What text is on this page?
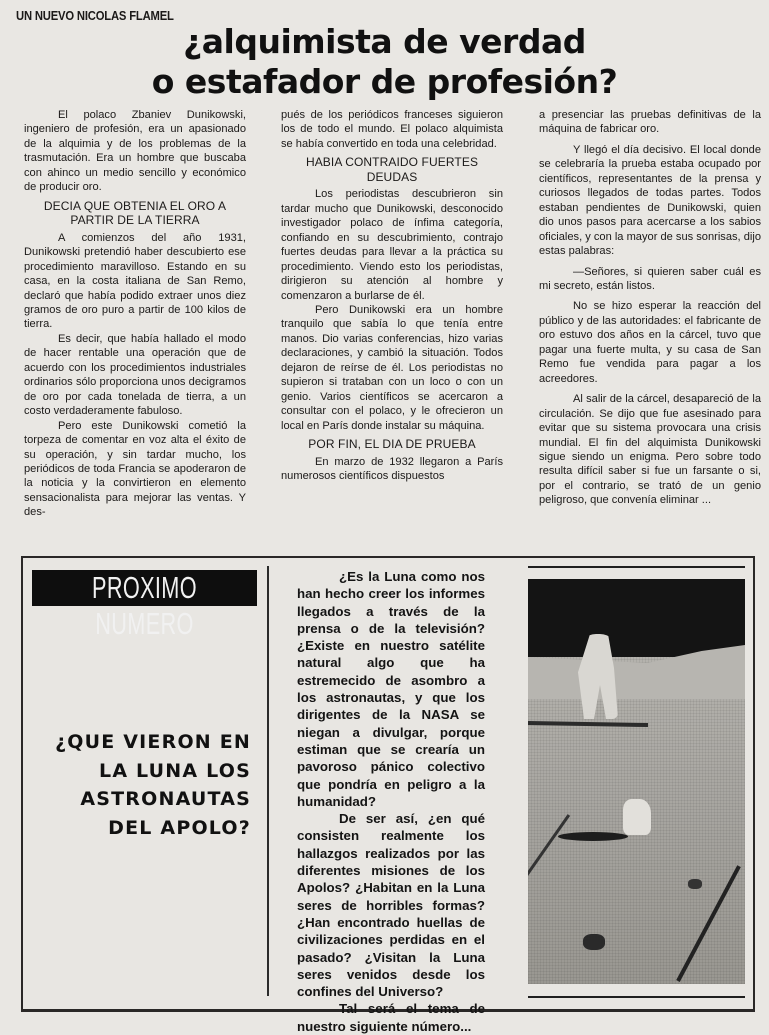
UN NUEVO NICOLAS FLAMEL
¿alquimista de verdad
o estafador de profesión?

El polaco Zbaniev Dunikowski, ingeniero de profesión, era un apasionado de la alquimia y de los problemas de la trasmutación. Era un hombre que buscaba con ahinco un medio sencillo y económico de producir oro.

DECIA QUE OBTENIA EL ORO A PARTIR DE LA TIERRA

A comienzos del año 1931, Dunikowski pretendió haber descubierto ese procedimiento maravilloso. Estando en su casa, en la costa italiana de San Remo, declaró que había podido extraer unos diez gramos de oro puro a partir de 100 kilos de tierra.

Es decir, que había hallado el modo de hacer rentable una operación que de acuerdo con los procedimientos industriales ordinarios sólo proporciona unos decigramos de oro por cada tonelada de tierra, a un costo verdaderamente fabuloso.

Pero este Dunikowski cometió la torpeza de comentar en voz alta el éxito de su operación, y sin tardar mucho, los periódicos de toda Francia se apoderaron de la noticia y la convirtieron en elemento sensacionalista para mejorar las ventas. Y des-

pués de los periódicos franceses siguieron los de todo el mundo. El polaco alquimista se había convertido en toda una celebridad.

HABIA CONTRAIDO FUERTES DEUDAS

Los periodistas descubrieron sin tardar mucho que Dunikowski, desconocido investigador polaco de ínfima categoría, confiando en su descubrimiento, contrajo fuertes deudas para llevar a la práctica su procedimiento. Viendo esto los periodistas, dirigieron su atención al hombre y comenzaron a burlarse de él.

Pero Dunikowski era un hombre tranquilo que sabía lo que tenía entre manos. Dio varias conferencias, hizo varias declaraciones, y cambió la situación. Todos dejaron de reírse de él. Los periodistas no supieron si trataban con un loco o con un genio. Varios científicos se acercaron a consultar con el polaco, y le ofrecieron un local en París donde instalar su máquina.

POR FIN, EL DIA DE PRUEBA

En marzo de 1932 llegaron a París numerosos científicos dispuestos

a presenciar las pruebas definitivas de la máquina de fabricar oro.

Y llegó el día decisivo. El local donde se celebraría la prueba estaba ocupado por científicos, representantes de la prensa y curiosos llegados de todas partes. Todos estaban pendientes de Dunikowski, quien dio unos pasos para acercarse a los sabios oficiales, y con la mayor de sus sonrisas, dijo estas palabras:

—Señores, si quieren saber cuál es mi secreto, están listos.

No se hizo esperar la reacción del público y de las autoridades: el fabricante de oro estuvo dos años en la cárcel, tuvo que pagar una fuerte multa, y su casa de San Remo fue vendida para pagar a los acreedores.

Al salir de la cárcel, desapareció de la circulación. Se dijo que fue asesinado para evitar que su sistema provocara una crisis mundial. El fin del alquimista Dunikowski sigue siendo un enigma. Pero sobre todo resulta difícil saber si fue un farsante o si, por el contrario, se trató de un genio peligroso, que convenía eliminar ...

PROXIMO NUMERO
¿QUE VIERON EN
LA LUNA LOS
ASTRONAUTAS
DEL APOLO?

¿Es la Luna como nos han hecho creer los informes llegados a través de la prensa o de la televisión? ¿Existe en nuestro satélite natural algo que ha estremecido de asombro a los astronautas, y que los dirigentes de la NASA se niegan a divulgar, porque estiman que se crearía un pavoroso pánico colectivo que pondría en peligro a la humanidad?

De ser así, ¿en qué consisten realmente los hallazgos realizados por las diferentes misiones de los Apolos? ¿Habitan en la Luna seres de horribles formas? ¿Han encontrado huellas de civilizaciones perdidas en el pasado? ¿Visitan la Luna seres venidos desde los confines del Universo?

Tal será el tema de nuestro siguiente número...
